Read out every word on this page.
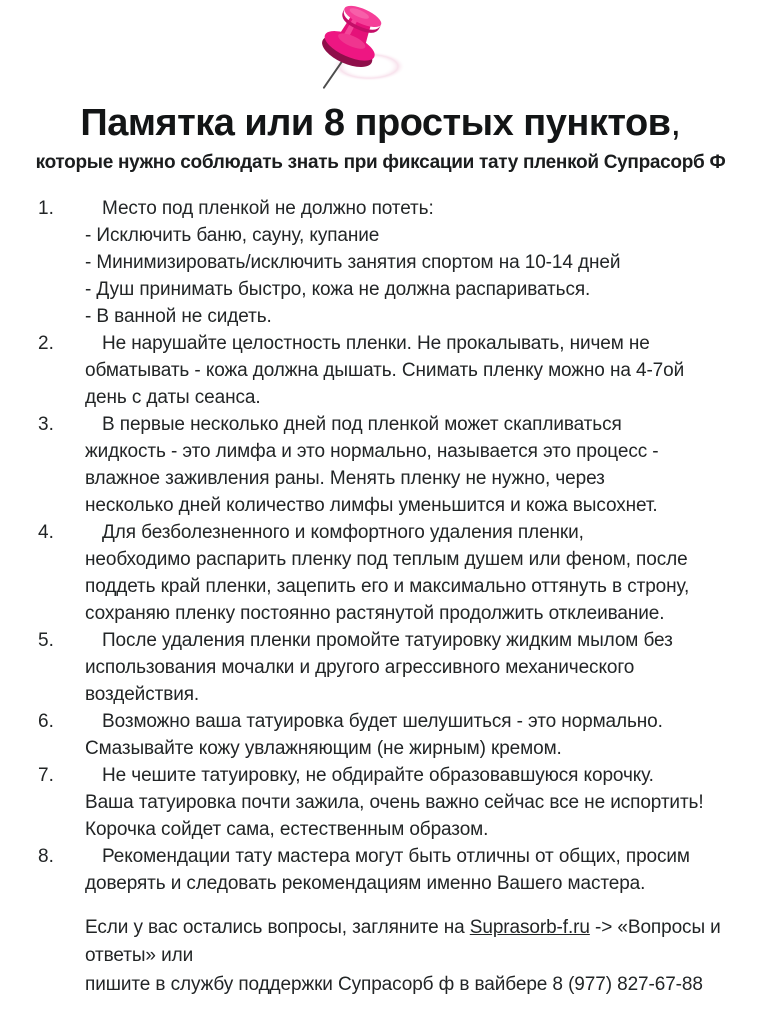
Памятка или 8 простых пунктов,
которые нужно соблюдать знать при фиксации тату пленкой Супрасорб Ф
1.	Место под пленкой не должно потеть:
- Исключить баню, сауну, купание
- Минимизировать/исключить занятия спортом на 10-14 дней
- Душ принимать быстро, кожа не должна распариваться.
- В ванной не сидеть.
2.	Не нарушайте целостность пленки. Не прокалывать, ничем не
обматывать - кожа должна дышать. Снимать пленку можно на 4-7ой
день с даты сеанса.
3.	В первые несколько дней под пленкой может скапливаться
жидкость - это лимфа и это нормально, называется это процесс -
влажное заживления раны. Менять пленку не нужно, через
несколько дней количество лимфы уменьшится и кожа высохнет.
4.	Для безболезненного и комфортного удаления пленки,
необходимо распарить пленку под теплым душем или феном, после
поддеть край пленки, зацепить его и максимально оттянуть в строну,
сохраняю пленку постоянно растянутой продолжить отклеивание.
5.	После удаления пленки промойте татуировку жидким мылом без
использования мочалки и другого агрессивного механического
воздействия.
6.	Возможно ваша татуировка будет шелушиться - это нормально.
Смазывайте кожу увлажняющим (не жирным) кремом.
7.	Не чешите татуировку, не обдирайте образовавшуюся корочку.
Ваша татуировка почти зажила, очень важно сейчас все не испортить!
Корочка сойдет сама, естественным образом.
8.	Рекомендации тату мастера могут быть отличны от общих, просим
доверять и следовать рекомендациям именно Вашего мастера.
Если у вас остались вопросы, загляните на Suprasorb-f.ru -> «Вопросы и
ответы» или
пишите в службу поддержки Супрасорб ф в вайбере 8 (977) 827-67-88
